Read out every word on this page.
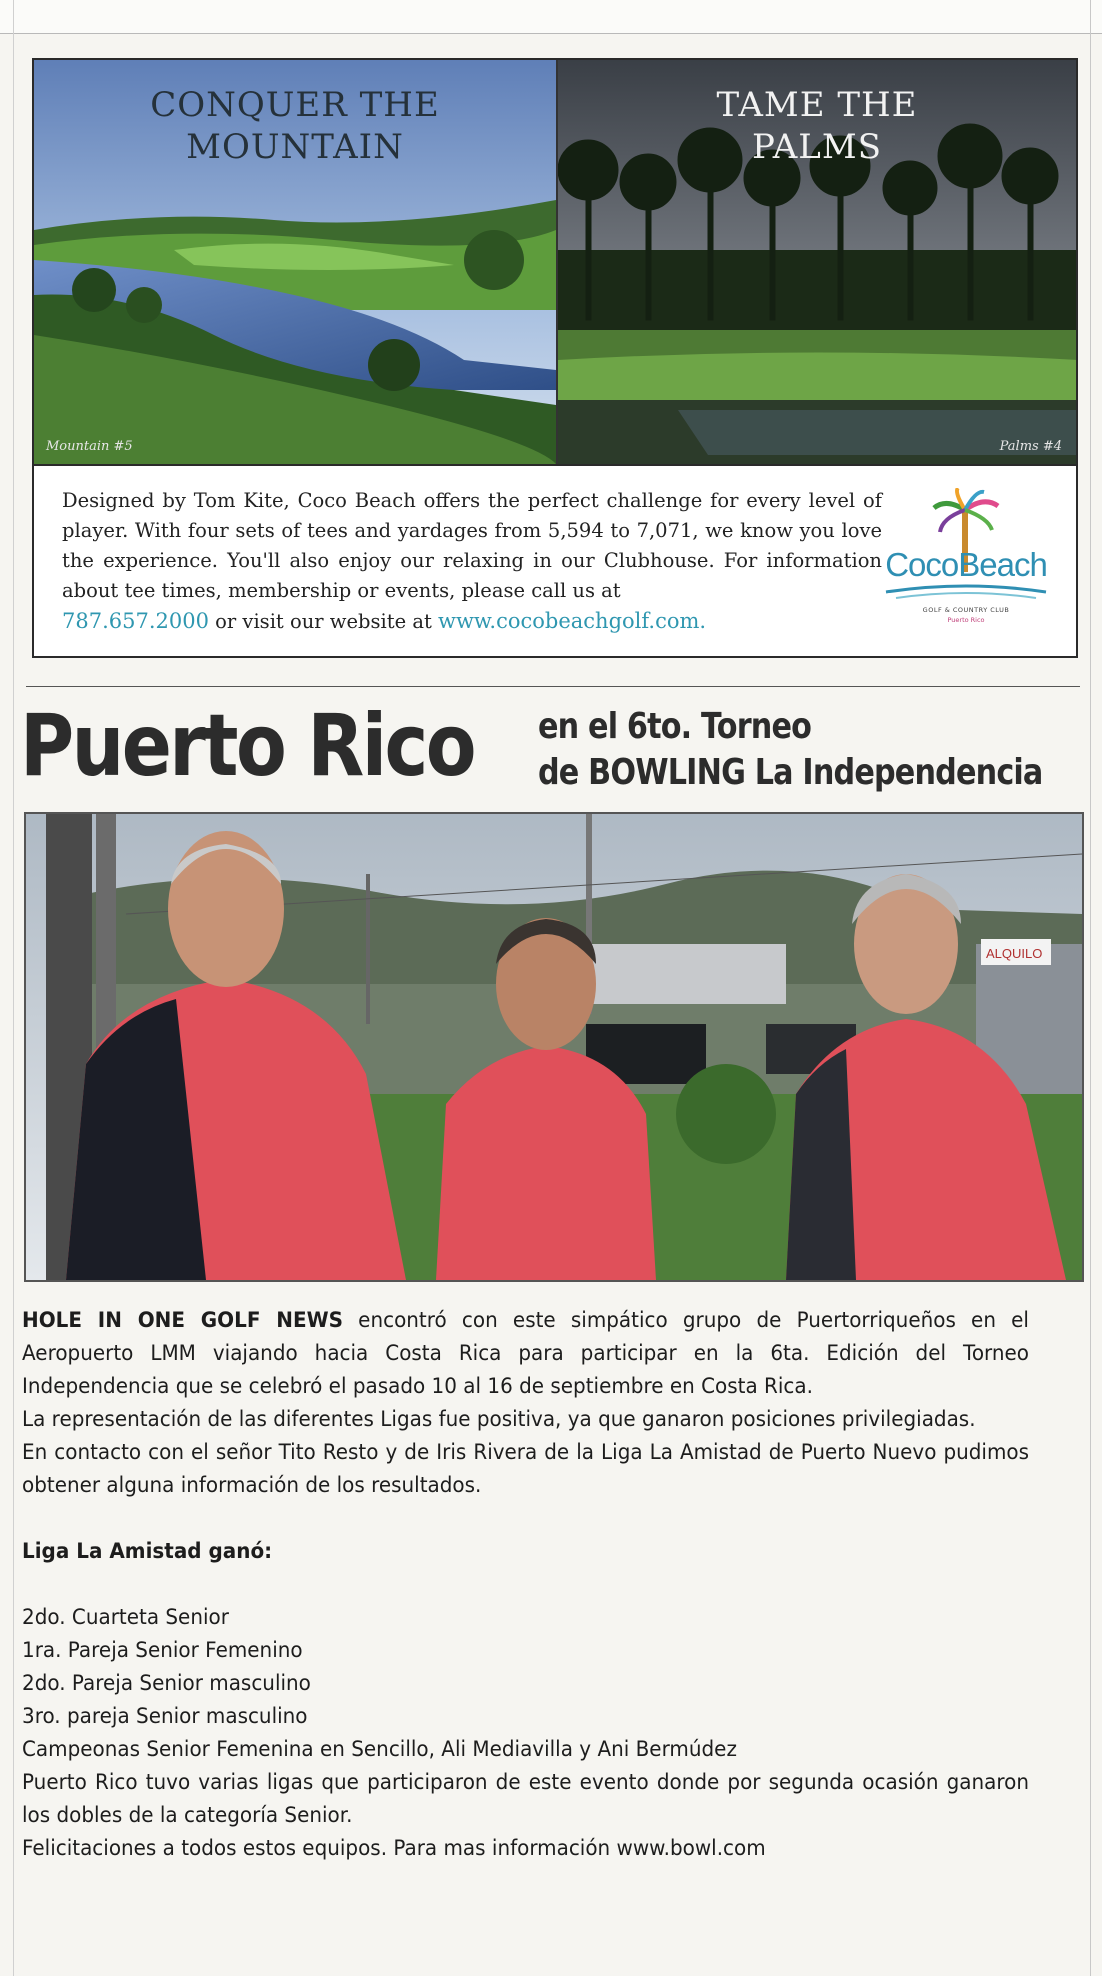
CONQUER THE
MOUNTAIN
Mountain #5
TAME THE
PALMS
Palms #4

Designed by Tom Kite, Coco Beach offers the perfect challenge for every level of player. With four sets of tees and yardages from 5,594 to 7,071, we know you love the experience. You'll also enjoy our relaxing in our Clubhouse. For information about tee times, membership or events, please call us at
787.657.2000 or visit our website at www.cocobeachgolf.com.

CocoBeach
GOLF & COUNTRY CLUB
Puerto Rico
Puerto Rico en el 6to. Torneo
de BOWLING La Independencia
ALQUILO

HOLE IN ONE GOLF NEWS encontró con este simpático grupo de Puertorriqueños en el Aeropuerto LMM viajando hacia Costa Rica para participar en la 6ta. Edición del Torneo Independencia que se celebró el pasado 10 al 16 de septiembre en Costa Rica.

La representación de las diferentes Ligas fue positiva, ya que ganaron posiciones privilegiadas.

En contacto con el señor Tito Resto y de Iris Rivera de la Liga La Amistad de Puerto Nuevo pudimos obtener alguna información de los resultados.

Liga La Amistad ganó:

2do. Cuarteta Senior
1ra. Pareja Senior Femenino
2do. Pareja Senior masculino
3ro. pareja Senior masculino
Campeonas Senior Femenina en Sencillo, Ali Mediavilla y Ani Bermúdez

Puerto Rico tuvo varias ligas que participaron de este evento donde por segunda ocasión ganaron los dobles de la categoría Senior.

Felicitaciones a todos estos equipos. Para mas información www.bowl.com
